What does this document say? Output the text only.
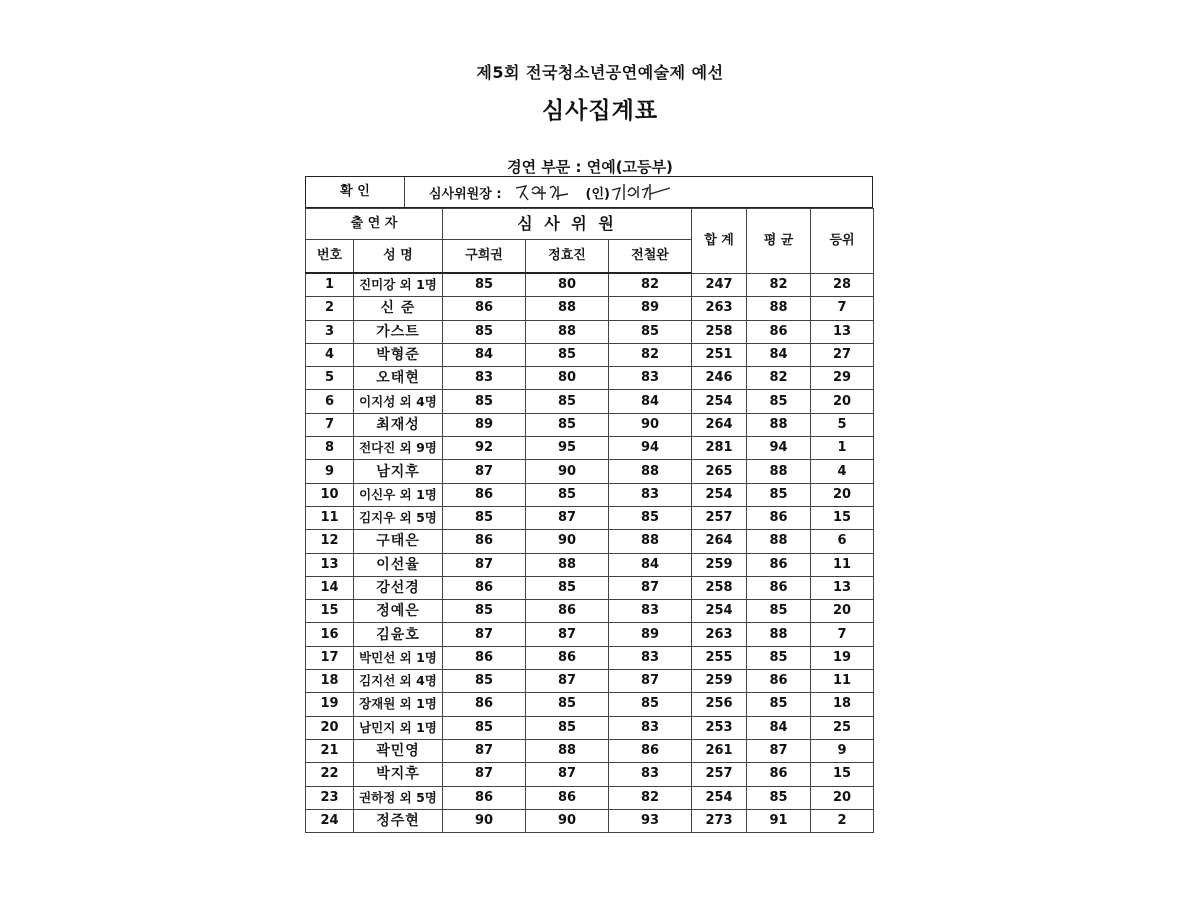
제5회 전국청소년공연예술제 예선
심사집계표
경연 부문 : 연예(고등부)
확 인	심사위원장 :	(인)
출 연 자		심 사 위 원			합 계	평 균	등위
번호	성 명	구희권	정효진	전철완			
1	진미강 외 1명	85	80	82	247	82	28
2	신 준	86	88	89	263	88	7
3	가스트	85	88	85	258	86	13
4	박형준	84	85	82	251	84	27
5	오태현	83	80	83	246	82	29
6	이지성 외 4명	85	85	84	254	85	20
7	최재성	89	85	90	264	88	5
8	전다진 외 9명	92	95	94	281	94	1
9	남지후	87	90	88	265	88	4
10	이신우 외 1명	86	85	83	254	85	20
11	김지우 외 5명	85	87	85	257	86	15
12	구태은	86	90	88	264	88	6
13	이선율	87	88	84	259	86	11
14	강선경	86	85	87	258	86	13
15	정예은	85	86	83	254	85	20
16	김윤호	87	87	89	263	88	7
17	박민선 외 1명	86	86	83	255	85	19
18	김지선 외 4명	85	87	87	259	86	11
19	장재원 외 1명	86	85	85	256	85	18
20	남민지 외 1명	85	85	83	253	84	25
21	곽민영	87	88	86	261	87	9
22	박지후	87	87	83	257	86	15
23	권하정 외 5명	86	86	82	254	85	20
24	정주현	90	90	93	273	91	2
